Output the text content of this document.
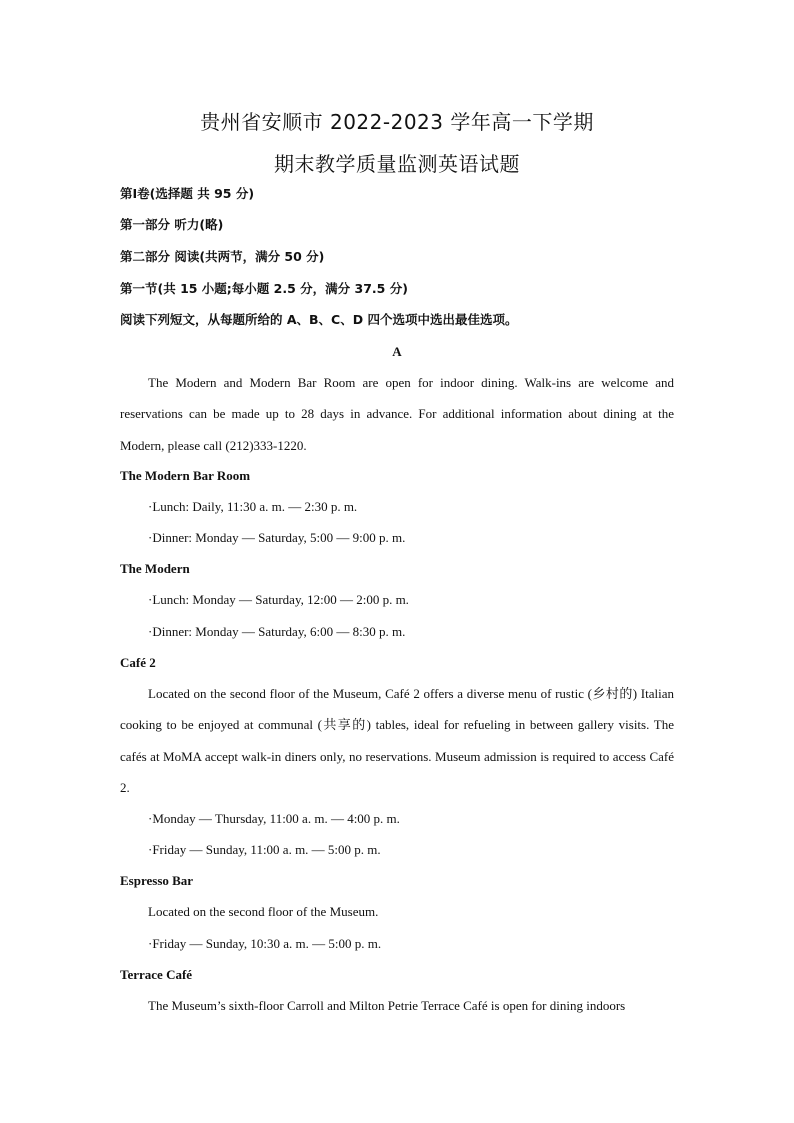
贵州省安顺市 2022-2023 学年高一下学期
期末教学质量监测英语试题
第Ⅰ卷(选择题 共 95 分)
第一部分 听力(略)
第二部分 阅读(共两节，满分 50 分)
第一节(共 15 小题;每小题 2.5 分，满分 37.5 分)
阅读下列短文，从每题所给的 A、B、C、D 四个选项中选出最佳选项。
A

The Modern and Modern Bar Room are open for indoor dining. Walk-ins are welcome and reservations can be made up to 28 days in advance. For additional information about dining at the Modern, please call (212)333-1220.

The Modern Bar Room
·Lunch: Daily, 11:30 a. m. — 2:30 p. m.
·Dinner: Monday — Saturday, 5:00 — 9:00 p. m.
The Modern
·Lunch: Monday — Saturday, 12:00 — 2:00 p. m.
·Dinner: Monday — Saturday, 6:00 — 8:30 p. m.
Café 2

Located on the second floor of the Museum, Café 2 offers a diverse menu of rustic (乡村的) Italian cooking to be enjoyed at communal (共享的) tables, ideal for refueling in between gallery visits. The cafés at MoMA accept walk-in diners only, no reservations. Museum admission is required to access Café 2.

·Monday — Thursday, 11:00 a. m. — 4:00 p. m.
·Friday — Sunday, 11:00 a. m. — 5:00 p. m.
Espresso Bar
Located on the second floor of the Museum.
·Friday — Sunday, 10:30 a. m. — 5:00 p. m.
Terrace Café
The Museum’s sixth-floor Carroll and Milton Petrie Terrace Café is open for dining indoors
